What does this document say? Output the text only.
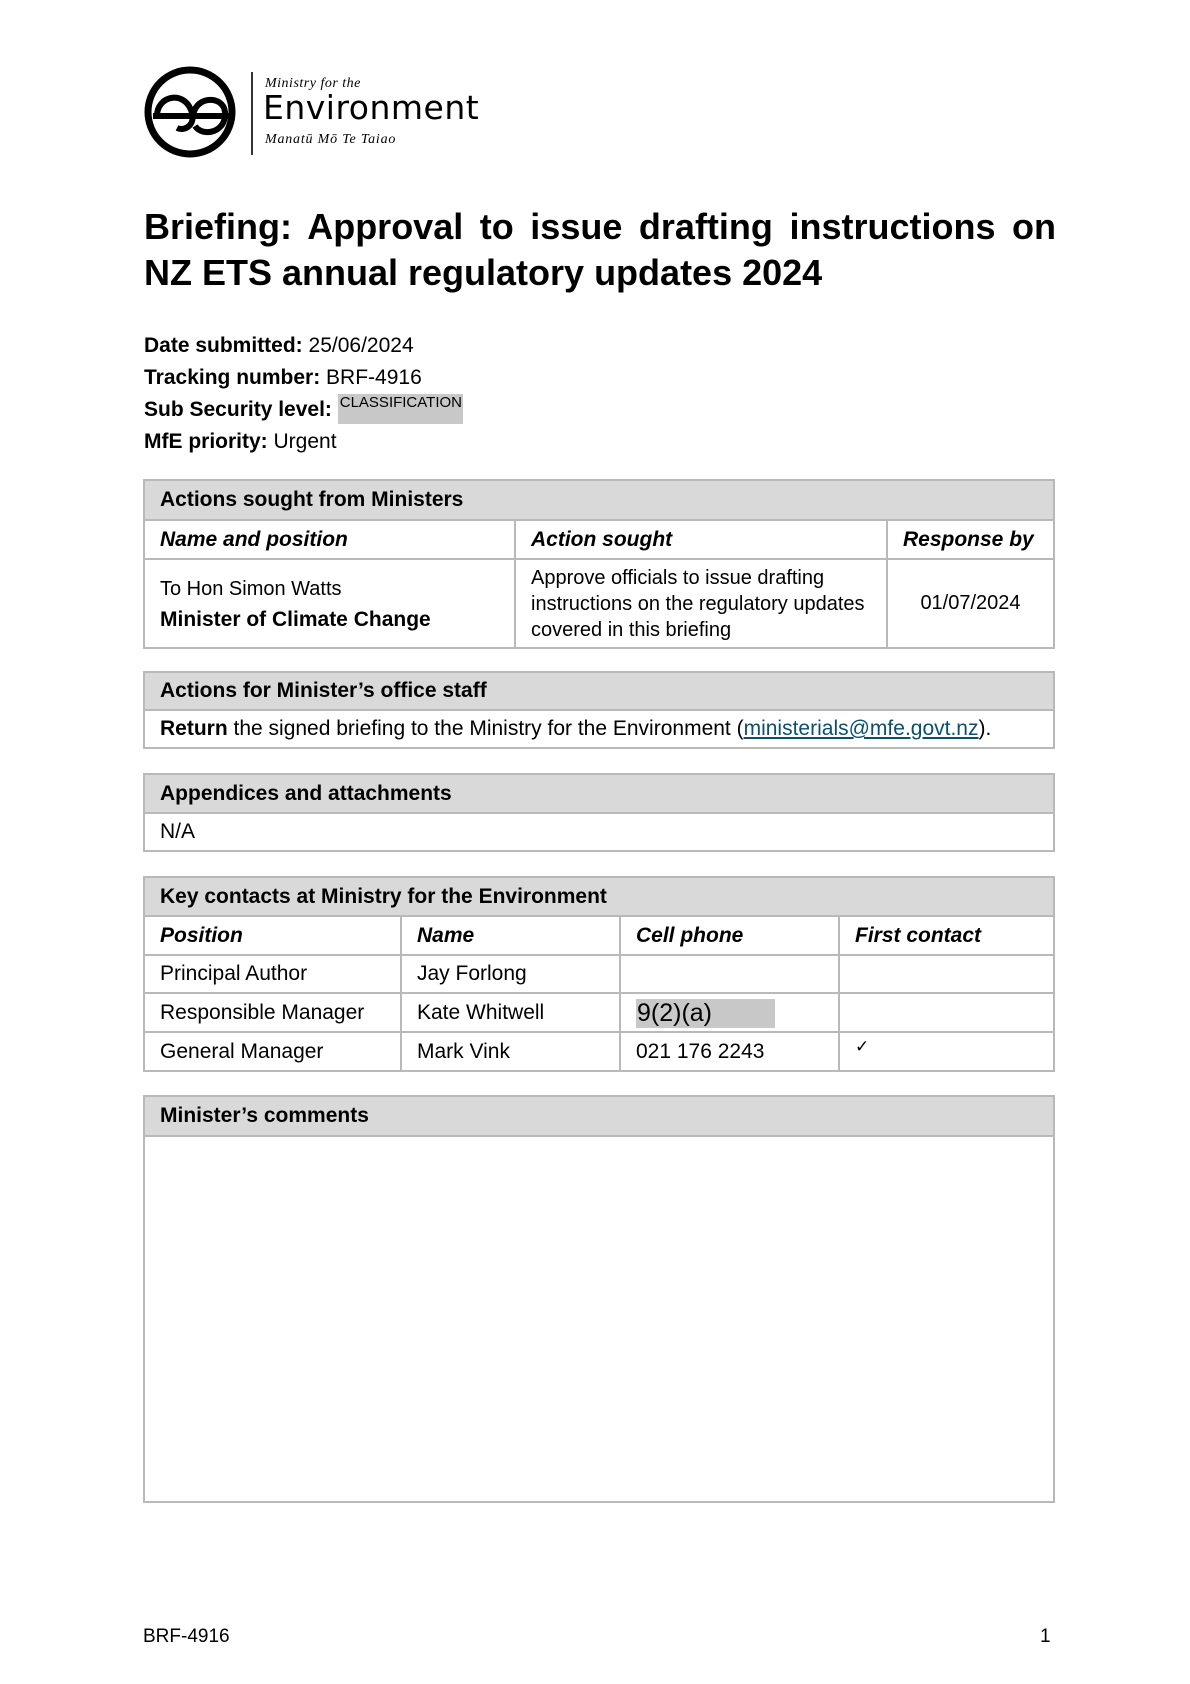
Ministry for the
Environment
Manatū Mō Te Taiao
Briefing: Approval to issue drafting instructions on NZ ETS annual regulatory updates 2024
Date submitted: 25/06/2024
Tracking number: BRF-4916
Sub Security level: CLASSIFICATION
MfE priority: Urgent
Actions sought from Ministers
Name and position	Action sought	Response by

To Hon Simon Watts
Minister of Climate Change	Approve officials to issue drafting instructions on the regulatory updates covered in this briefing	01/07/2024
Actions for Minister’s office staff
Return the signed briefing to the Ministry for the Environment (ministerials@mfe.govt.nz).
Appendices and attachments
N/A
Key contacts at Ministry for the Environment
Position	Name	Cell phone	First contact
Principal Author	Jay Forlong		
Responsible Manager	Kate Whitwell	9(2)(a)	
General Manager	Mark Vink	021 176 2243	✓
Minister’s comments
BRF-4916	1
